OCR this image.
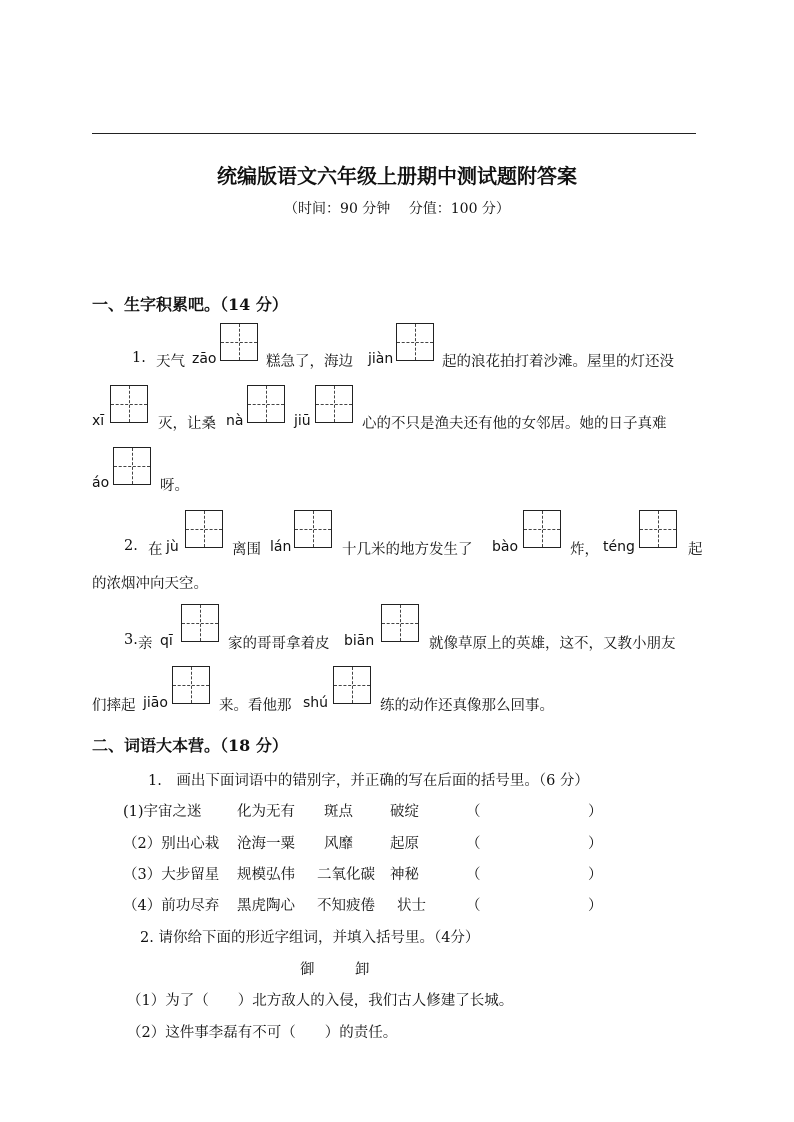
统编版语文六年级上册期中测试题附答案
（时间：90 分钟　 分值：100 分）
一、生字积累吧。（14 分）
1. 天气 zāo	糕急了，海边 jiàn	起的浪花拍打着沙滩。屋里的灯还没
xī	灭，让桑 nà	jiū	心的不只是渔夫还有他的女邻居。她的日子真难
áo	呀。
2. 在 jù	离围 lán	十几米的地方发生了 bào	炸， téng	起
的浓烟冲向天空。
3. 亲 qī	家的哥哥拿着皮 biān	就像草原上的英雄，这不，又教小朋友
们摔起 jiāo	来。看他那 shú	练的动作还真像那么回事。
二、词语大本营。（18 分）
1.　画出下面词语中的错别字，并正确的写在后面的括号里。（6 分）
(1)宇宙之迷 化为无有 斑点	破绽	（	）
（2）别出心栽 沧海一粟 风靡	起原	（	）
（3）大步留星 规模弘伟 二氧化碳 神秘	（	）
（4）前功尽弃 黑虎陶心 不知疲倦 状士	（	）
2. 请你给下面的形近字组词，并填入括号里。（4分）
御	卸
（1）为了（　　）北方敌人的入侵，我们古人修建了长城。
（2）这件事李磊有不可（　　）的责任。
